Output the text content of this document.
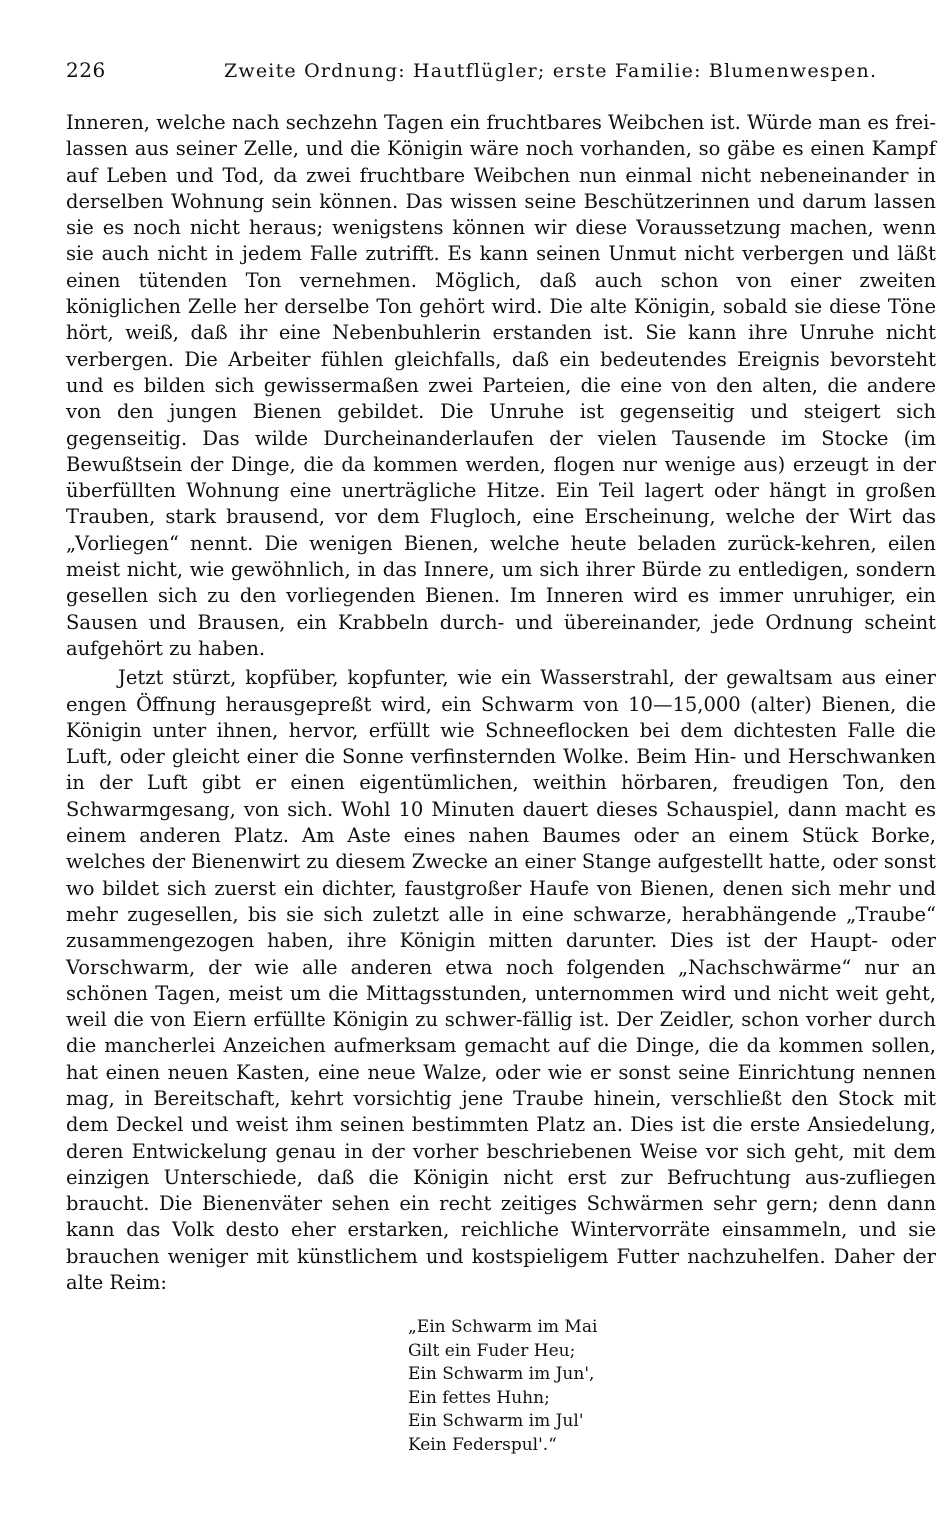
226	Zweite Ordnung: Hautflügler; erste Familie: Blumenwespen.

Inneren, welche nach sechzehn Tagen ein fruchtbares Weibchen ist. Würde man es frei-lassen aus seiner Zelle, und die Königin wäre noch vorhanden, so gäbe es einen Kampf auf Leben und Tod, da zwei fruchtbare Weibchen nun einmal nicht nebeneinander in derselben Wohnung sein können. Das wissen seine Beschützerinnen und darum lassen sie es noch nicht heraus; wenigstens können wir diese Voraussetzung machen, wenn sie auch nicht in jedem Falle zutrifft. Es kann seinen Unmut nicht verbergen und läßt einen tütenden Ton vernehmen. Möglich, daß auch schon von einer zweiten königlichen Zelle her derselbe Ton gehört wird. Die alte Königin, sobald sie diese Töne hört, weiß, daß ihr eine Nebenbuhlerin erstanden ist. Sie kann ihre Unruhe nicht verbergen. Die Arbeiter fühlen gleichfalls, daß ein bedeutendes Ereignis bevorsteht und es bilden sich gewissermaßen zwei Parteien, die eine von den alten, die andere von den jungen Bienen gebildet. Die Unruhe ist gegenseitig und steigert sich gegenseitig. Das wilde Durcheinanderlaufen der vielen Tausende im Stocke (im Bewußtsein der Dinge, die da kommen werden, flogen nur wenige aus) erzeugt in der überfüllten Wohnung eine unerträgliche Hitze. Ein Teil lagert oder hängt in großen Trauben, stark brausend, vor dem Flugloch, eine Erscheinung, welche der Wirt das „Vorliegen“ nennt. Die wenigen Bienen, welche heute beladen zurück-kehren, eilen meist nicht, wie gewöhnlich, in das Innere, um sich ihrer Bürde zu entledigen, sondern gesellen sich zu den vorliegenden Bienen. Im Inneren wird es immer unruhiger, ein Sausen und Brausen, ein Krabbeln durch- und übereinander, jede Ordnung scheint aufgehört zu haben.

Jetzt stürzt, kopfüber, kopfunter, wie ein Wasserstrahl, der gewaltsam aus einer engen Öffnung herausgepreßt wird, ein Schwarm von 10—15,000 (alter) Bienen, die Königin unter ihnen, hervor, erfüllt wie Schneeflocken bei dem dichtesten Falle die Luft, oder gleicht einer die Sonne verfinsternden Wolke. Beim Hin- und Herschwanken in der Luft gibt er einen eigentümlichen, weithin hörbaren, freudigen Ton, den Schwarmgesang, von sich. Wohl 10 Minuten dauert dieses Schauspiel, dann macht es einem anderen Platz. Am Aste eines nahen Baumes oder an einem Stück Borke, welches der Bienenwirt zu diesem Zwecke an einer Stange aufgestellt hatte, oder sonst wo bildet sich zuerst ein dichter, faustgroßer Haufe von Bienen, denen sich mehr und mehr zugesellen, bis sie sich zuletzt alle in eine schwarze, herabhängende „Traube“ zusammengezogen haben, ihre Königin mitten darunter. Dies ist der Haupt- oder Vorschwarm, der wie alle anderen etwa noch folgenden „Nachschwärme“ nur an schönen Tagen, meist um die Mittagsstunden, unternommen wird und nicht weit geht, weil die von Eiern erfüllte Königin zu schwer-fällig ist. Der Zeidler, schon vorher durch die mancherlei Anzeichen aufmerksam gemacht auf die Dinge, die da kommen sollen, hat einen neuen Kasten, eine neue Walze, oder wie er sonst seine Einrichtung nennen mag, in Bereitschaft, kehrt vorsichtig jene Traube hinein, verschließt den Stock mit dem Deckel und weist ihm seinen bestimmten Platz an. Dies ist die erste Ansiedelung, deren Entwickelung genau in der vorher beschriebenen Weise vor sich geht, mit dem einzigen Unterschiede, daß die Königin nicht erst zur Befruchtung aus-zufliegen braucht. Die Bienenväter sehen ein recht zeitiges Schwärmen sehr gern; denn dann kann das Volk desto eher erstarken, reichliche Wintervorräte einsammeln, und sie brauchen weniger mit künstlichem und kostspieligem Futter nachzuhelfen. Daher der alte Reim:

„Ein Schwarm im Mai
Gilt ein Fuder Heu;
Ein Schwarm im Jun',
Ein fettes Huhn;
Ein Schwarm im Jul'
Kein Federspul'.“
